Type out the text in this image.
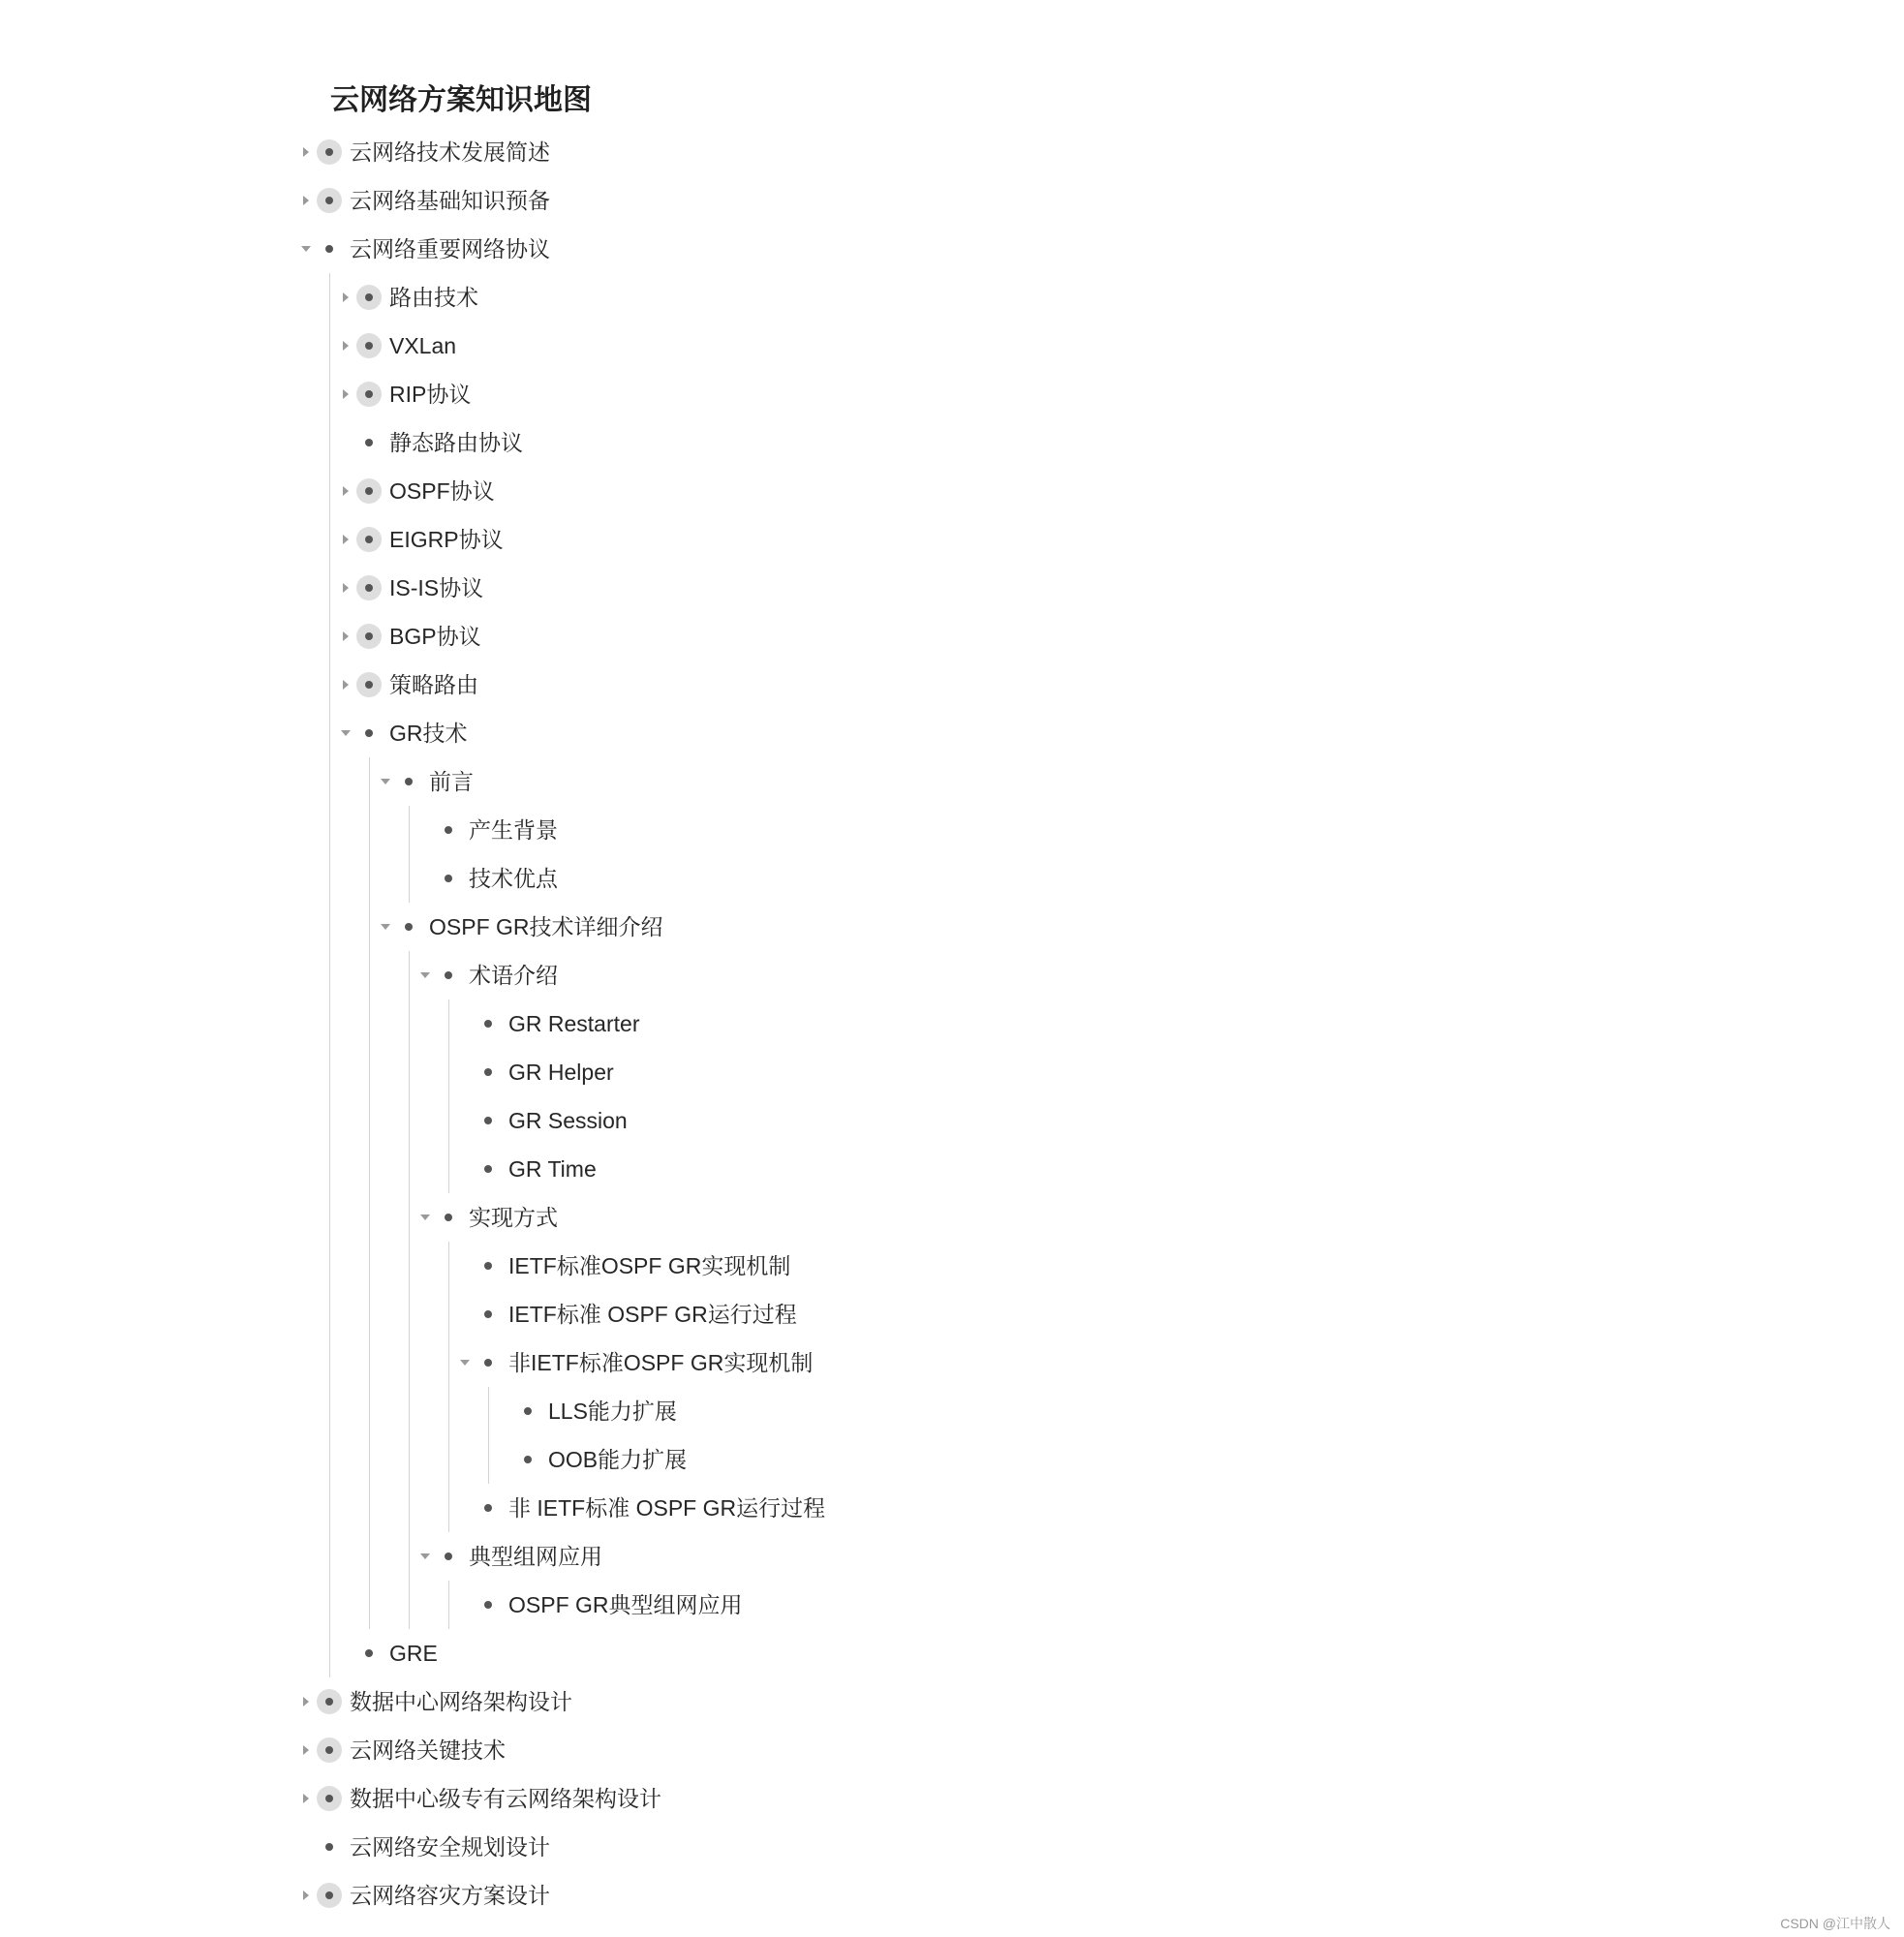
云网络方案知识地图
云网络技术发展简述
云网络基础知识预备
云网络重要网络协议
路由技术
VXLan
RIP协议
静态路由协议
OSPF协议
EIGRP协议
IS-IS协议
BGP协议
策略路由
GR技术
前言
产生背景
技术优点
OSPF GR技术详细介绍
术语介绍
GR Restarter
GR Helper
GR Session
GR Time
实现方式
IETF标准OSPF GR实现机制
IETF标准 OSPF GR运行过程
非IETF标准OSPF GR实现机制
LLS能力扩展
OOB能力扩展
非 IETF标准 OSPF GR运行过程
典型组网应用
OSPF GR典型组网应用
GRE
数据中心网络架构设计
云网络关键技术
数据中心级专有云网络架构设计
云网络安全规划设计
云网络容灾方案设计
CSDN @江中散人
